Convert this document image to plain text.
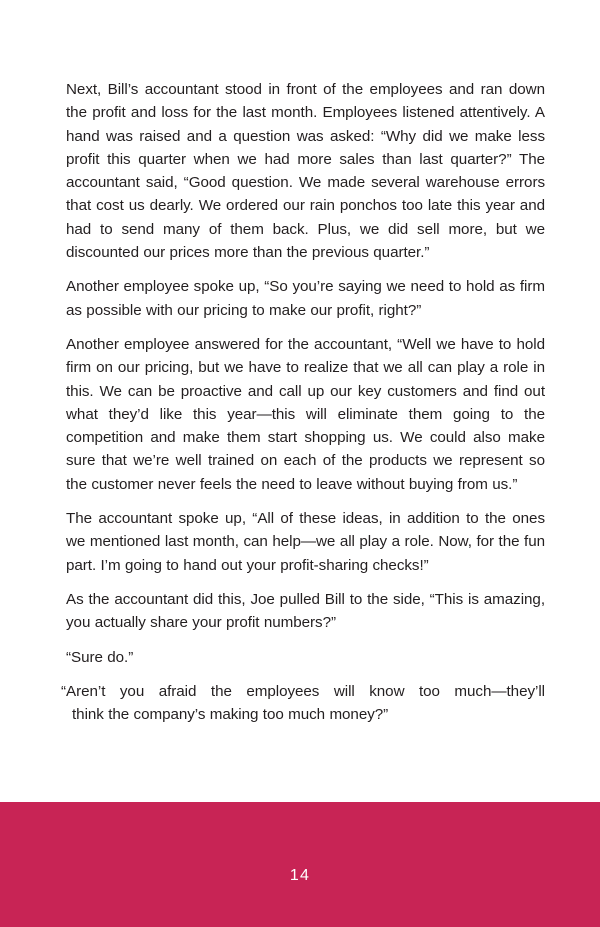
Next, Bill’s accountant stood in front of the employees and ran down the profit and loss for the last month. Employees listened attentively. A hand was raised and a question was asked: “Why did we make less profit this quarter when we had more sales than last quarter?” The accountant said, “Good question. We made several warehouse errors that cost us dearly. We ordered our rain ponchos too late this year and had to send many of them back. Plus, we did sell more, but we discounted our prices more than the previous quarter.”

Another employee spoke up, “So you’re saying we need to hold as firm as possible with our pricing to make our profit, right?”

Another employee answered for the accountant, “Well we have to hold firm on our pricing, but we have to realize that we all can play a role in this. We can be proactive and call up our key customers and find out what they’d like this year—this will eliminate them going to the competition and make them start shopping us. We could also make sure that we’re well trained on each of the products we represent so the customer never feels the need to leave without buying from us.”

The accountant spoke up, “All of these ideas, in addition to the ones we mentioned last month, can help—we all play a role. Now, for the fun part. I’m going to hand out your profit-sharing checks!”

As the accountant did this, Joe pulled Bill to the side, “This is amazing, you actually share your profit numbers?”

“Sure do.”

“Aren’t you afraid the employees will know too much—they’ll
think the company’s making too much money?”

14
